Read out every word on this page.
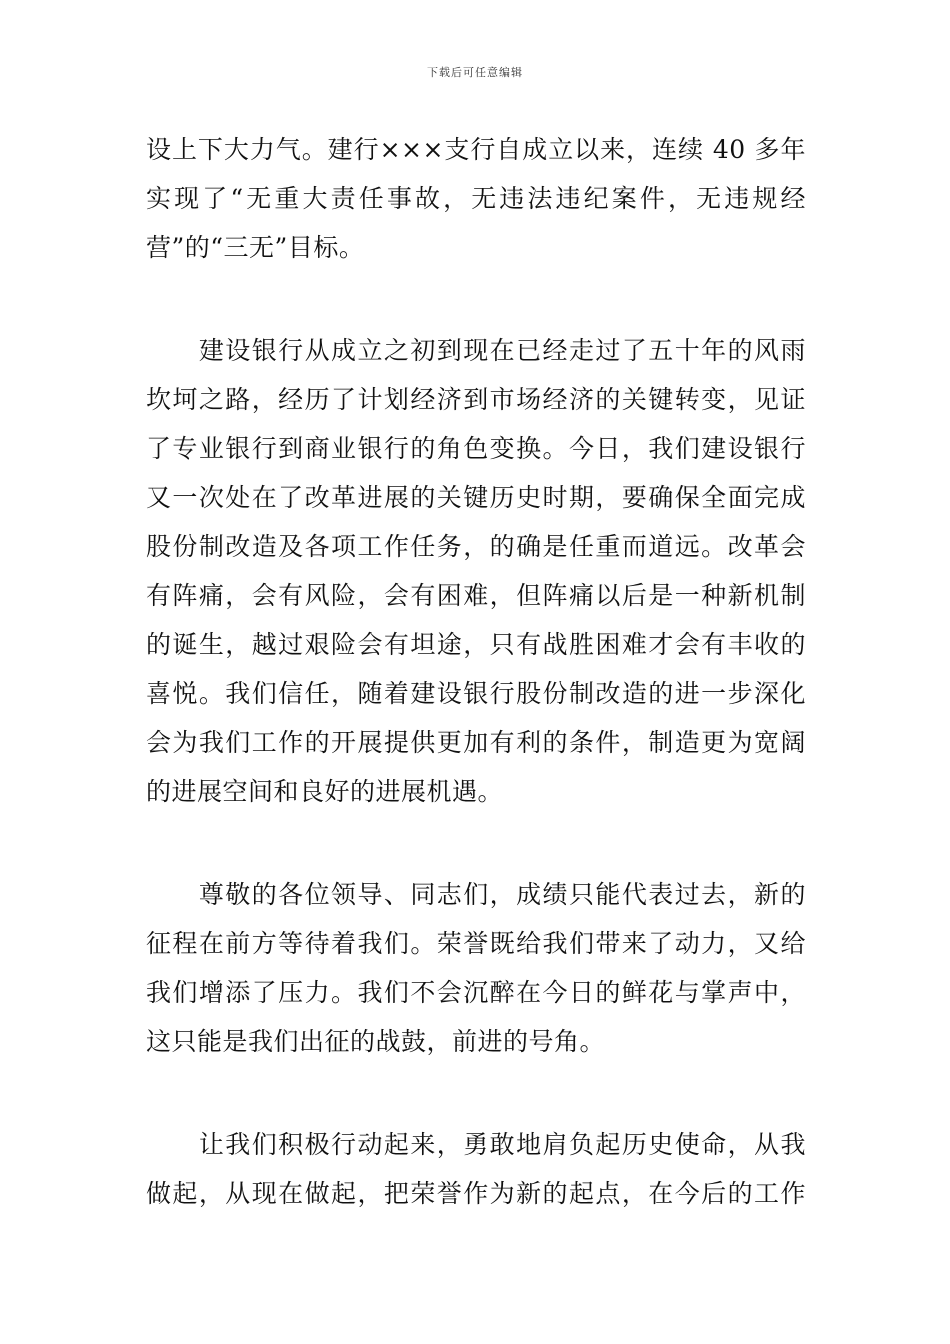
下载后可任意编辑
设上下大力气。建行×××支行自成立以来，连续 40 多年
实现了“无重大责任事故，无违法违纪案件，无违规经
营”的“三无”目标。
　　建设银行从成立之初到现在已经走过了五十年的风雨
坎坷之路，经历了计划经济到市场经济的关键转变，见证
了专业银行到商业银行的角色变换。今日，我们建设银行
又一次处在了改革进展的关键历史时期，要确保全面完成
股份制改造及各项工作任务，的确是任重而道远。改革会
有阵痛，会有风险，会有困难，但阵痛以后是一种新机制
的诞生，越过艰险会有坦途，只有战胜困难才会有丰收的
喜悦。我们信任，随着建设银行股份制改造的进一步深化
会为我们工作的开展提供更加有利的条件，制造更为宽阔
的进展空间和良好的进展机遇。
　　尊敬的各位领导、同志们，成绩只能代表过去，新的
征程在前方等待着我们。荣誉既给我们带来了动力，又给
我们增添了压力。我们不会沉醉在今日的鲜花与掌声中，
这只能是我们出征的战鼓，前进的号角。
　　让我们积极行动起来，勇敢地肩负起历史使命，从我
做起，从现在做起，把荣誉作为新的起点，在今后的工作
